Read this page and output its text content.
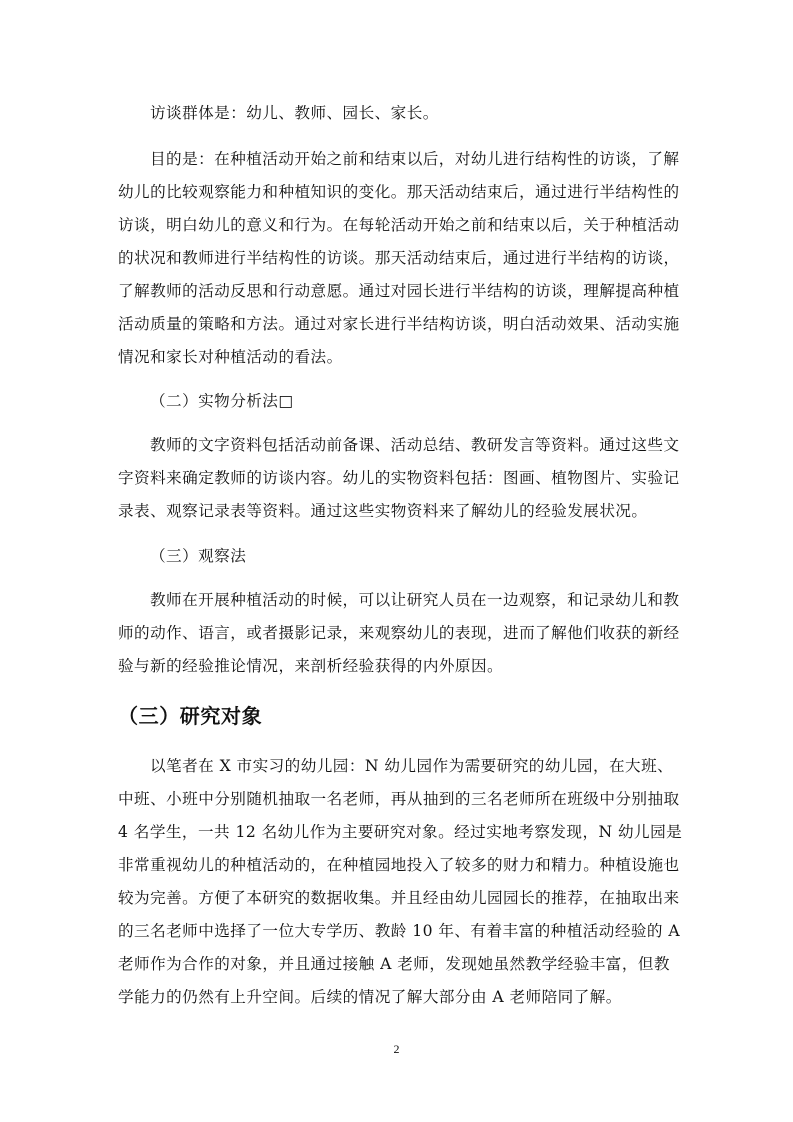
访谈群体是：幼儿、教师、园长、家长。
目的是：在种植活动开始之前和结束以后，对幼儿进行结构性的访谈，了解
幼儿的比较观察能力和种植知识的变化。那天活动结束后，通过进行半结构性的
访谈，明白幼儿的意义和行为。在每轮活动开始之前和结束以后，关于种植活动
的状况和教师进行半结构性的访谈。那天活动结束后，通过进行半结构的访谈，
了解教师的活动反思和行动意愿。通过对园长进行半结构的访谈，理解提高种植
活动质量的策略和方法。通过对家长进行半结构访谈，明白活动效果、活动实施
情况和家长对种植活动的看法。
（二）实物分析法□
教师的文字资料包括活动前备课、活动总结、教研发言等资料。通过这些文
字资料来确定教师的访谈内容。幼儿的实物资料包括：图画、植物图片、实验记
录表、观察记录表等资料。通过这些实物资料来了解幼儿的经验发展状况。
（三）观察法
教师在开展种植活动的时候，可以让研究人员在一边观察，和记录幼儿和教
师的动作、语言，或者摄影记录，来观察幼儿的表现，进而了解他们收获的新经
验与新的经验推论情况，来剖析经验获得的内外原因。
（三）研究对象
以笔者在 X 市实习的幼儿园：N 幼儿园作为需要研究的幼儿园，在大班、
中班、小班中分别随机抽取一名老师，再从抽到的三名老师所在班级中分别抽取
4 名学生，一共 12 名幼儿作为主要研究对象。经过实地考察发现，N 幼儿园是
非常重视幼儿的种植活动的，在种植园地投入了较多的财力和精力。种植设施也
较为完善。方便了本研究的数据收集。并且经由幼儿园园长的推荐，在抽取出来
的三名老师中选择了一位大专学历、教龄 10 年、有着丰富的种植活动经验的 A
老师作为合作的对象，并且通过接触 A 老师，发现她虽然教学经验丰富，但教
学能力的仍然有上升空间。后续的情况了解大部分由 A 老师陪同了解。
2
